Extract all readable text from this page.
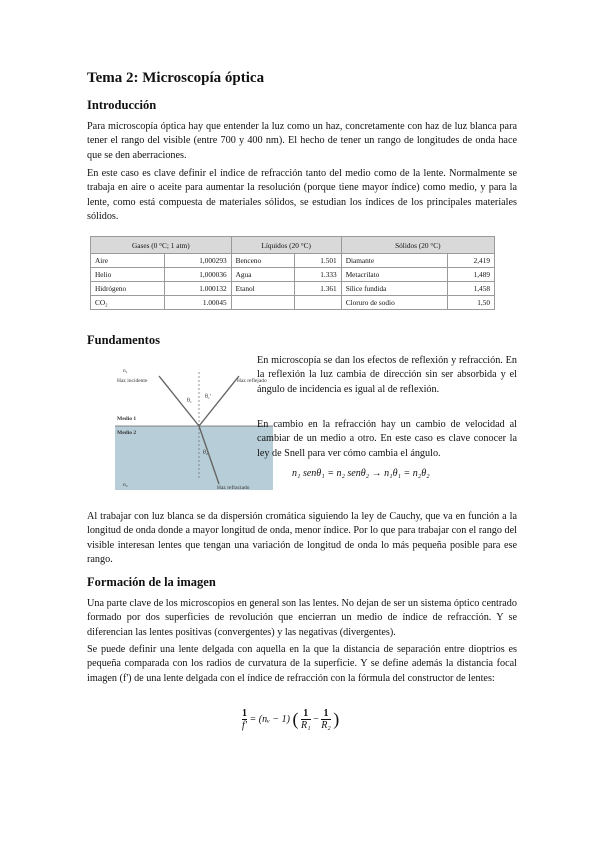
Tema 2: Microscopía óptica
Introducción

Para microscopía óptica hay que entender la luz como un haz, concretamente con haz de luz blanca para tener el rango del visible (entre 700 y 400 nm). El hecho de tener un rango de longitudes de onda hace que se den aberraciones.

En este caso es clave definir el índice de refracción tanto del medio como de la lente. Normalmente se trabaja en aire o aceite para aumentar la resolución (porque tiene mayor índice) como medio, y para la lente, como está compuesta de materiales sólidos, se estudian los índices de los principales materiales sólidos.

Gases (0 °C; 1 atm)		Líquidos (20 °C)		Sólidos (20 °C)	
Aire	1,000293	Benceno	1.501	Diamante	2,419
Helio	1,000036	Agua	1.333	Metacrilato	1,489
Hidrógeno	1.000132	Etanol	1.361	Sílice fundida	1,458
CO₂	1.00045			Cloruro de sodio	1,50
Fundamentos
Haz incidente	Haz reflejado
Medio 1
Medio 2
n₁
n₂
θ₁
θ₁'
θ₂
Haz refractado

En microscopía se dan los efectos de reflexión y refracción. En la reflexión la luz cambia de dirección sin ser absorbida y el ángulo de incidencia es igual al de reflexión.

En cambio en la refracción hay un cambio de velocidad al cambiar de un medio a otro. En este caso es clave conocer la ley de Snell para ver cómo cambia el ángulo.

n₁ senθ₁ = n₂ senθ₂ → n₁θ₁ = n₂θ₂

Al trabajar con luz blanca se da dispersión cromática siguiendo la ley de Cauchy, que va en función a la longitud de onda donde a mayor longitud de onda, menor índice. Por lo que para trabajar con el rango del visible interesan lentes que tengan una variación de longitud de onda lo más pequeña posible para ese rango.

Formación de la imagen

Una parte clave de los microscopios en general son las lentes. No dejan de ser un sistema óptico centrado formado por dos superficies de revolución que encierran un medio de índice de refracción. Y se diferencian las lentes positivas (convergentes) y las negativas (divergentes).

Se puede definir una lente delgada con aquella en la que la distancia de separación entre dioptrios es pequeña comparada con los radios de curvatura de la superficie. Y se define además la distancia focal imagen (f') de una lente delgada con el índice de refracción con la fórmula del constructor de lentes:

$\frac{1}{f'}$ = (nᵥ − 1) ( $\frac{1}{\text{R₁}} - \frac{1}{\text{R₂}}$ )
